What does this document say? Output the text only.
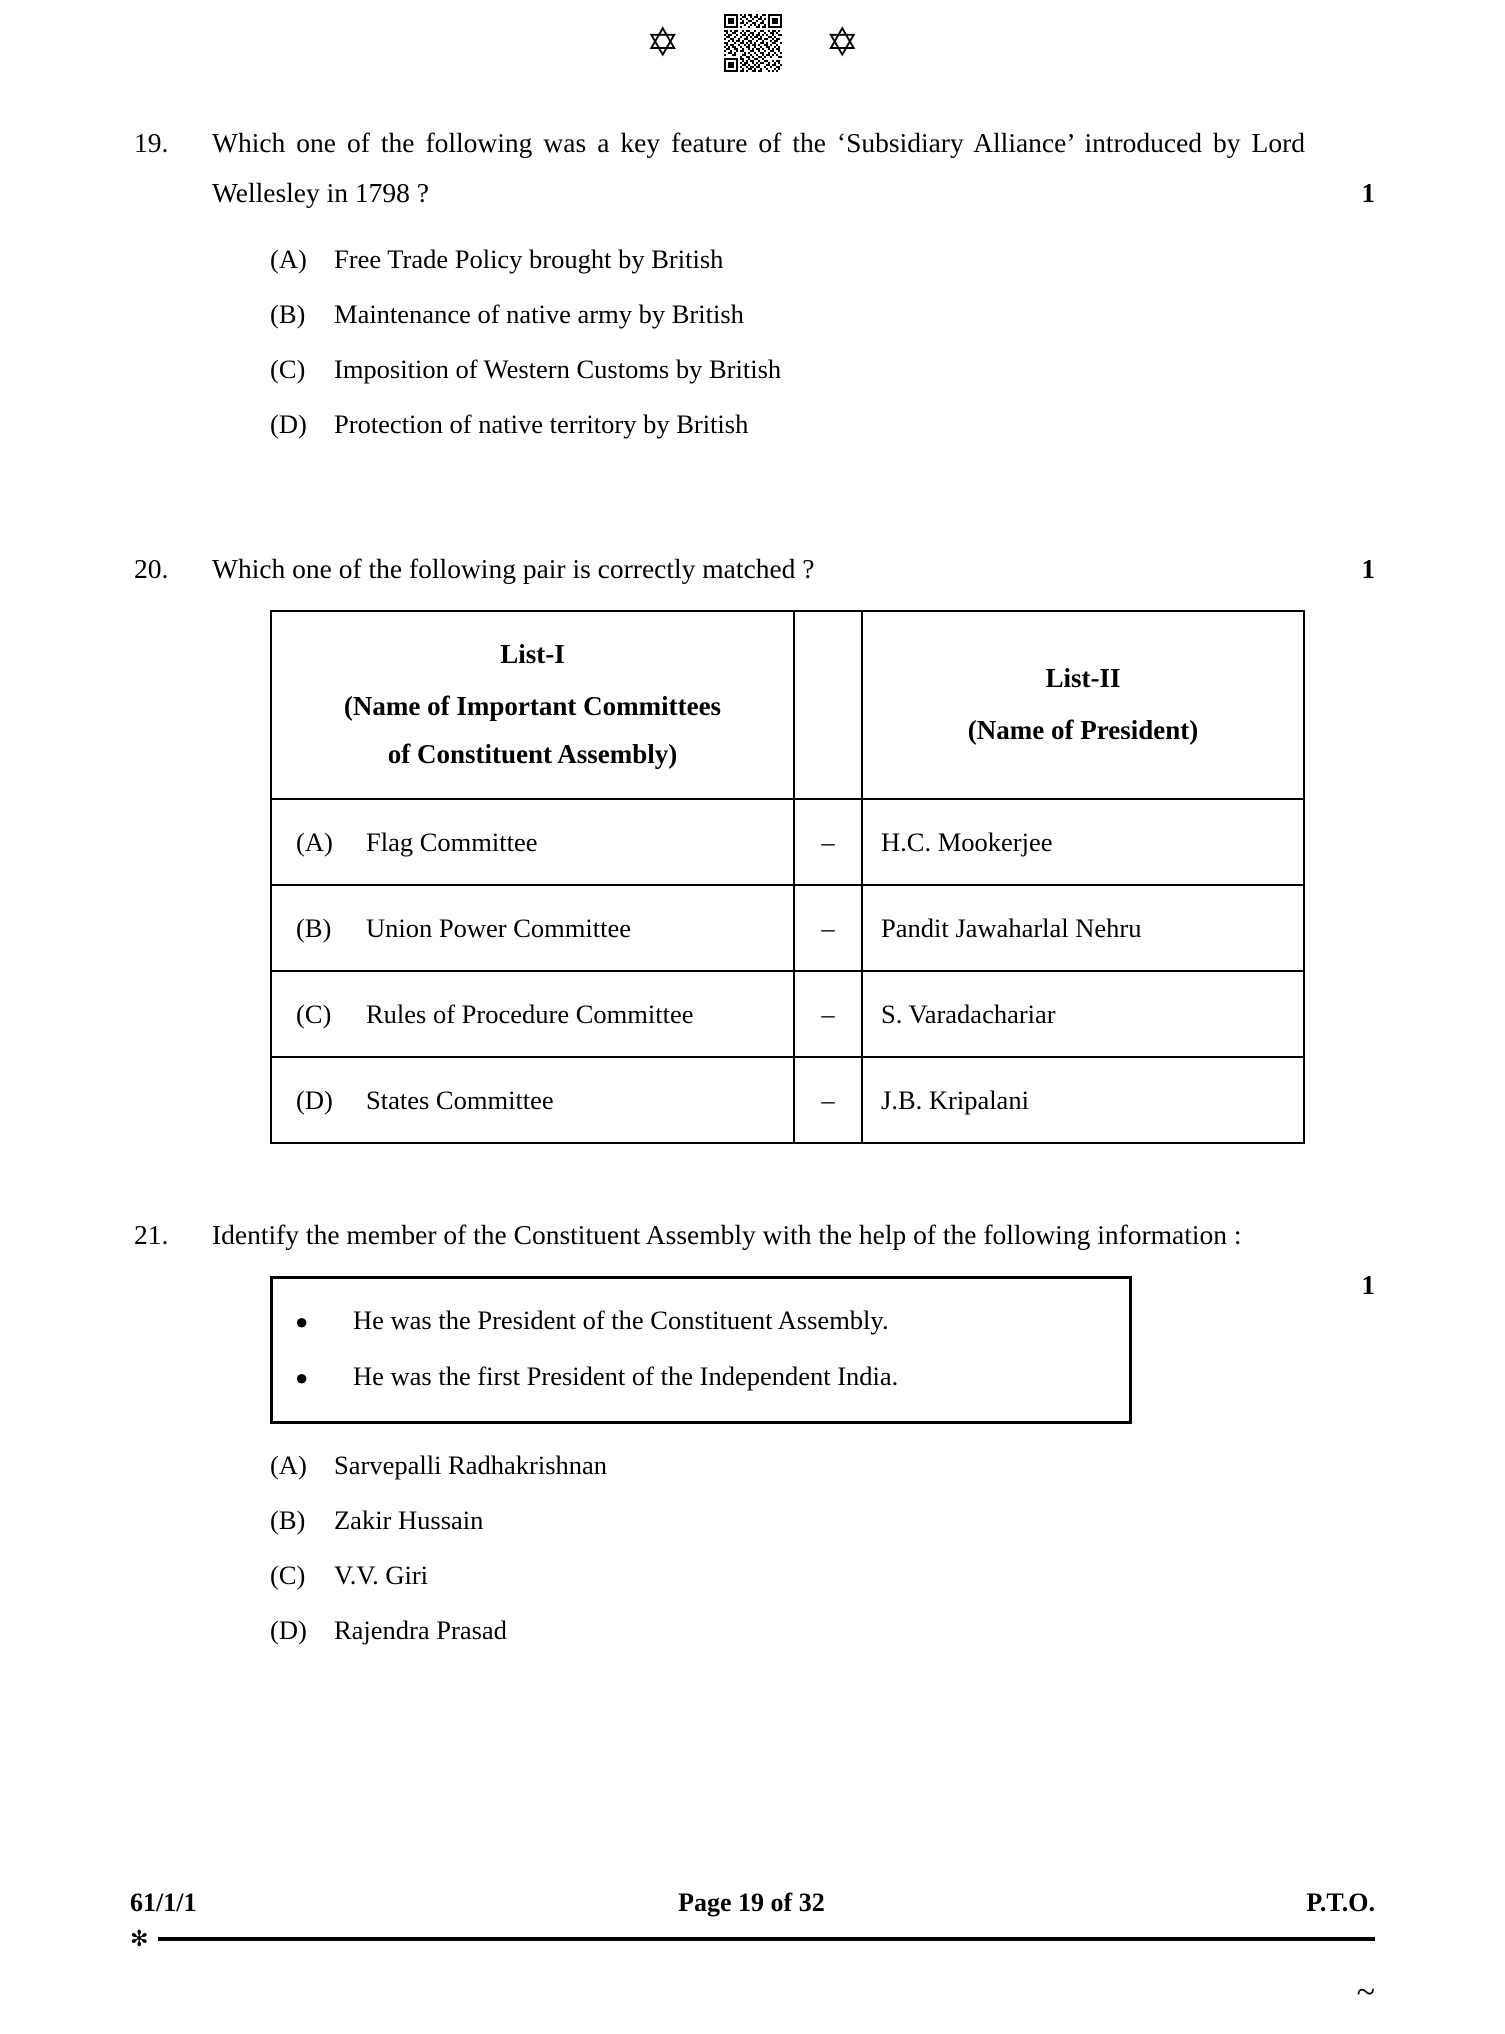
✡	✡
19.	Which one of the following was a key feature of the ‘Subsidiary Alliance’ introduced by Lord Wellesley in 1798 ?
(A)	Free Trade Policy brought by British
(B)	Maintenance of native army by British
(C)	Imposition of Western Customs by British
(D)	Protection of native territory by British
1
20.	Which one of the following pair is correctly matched ?
List-I
(Name of Important Committees
of Constituent Assembly)		List-II
(Name of President)

(A) Flag Committee	–	H.C. Mookerjee
(B) Union Power Committee	–	Pandit Jawaharlal Nehru
(C) Rules of Procedure Committee	–	S. Varadachariar
(D) States Committee	–	J.B. Kripalani
1
21.	Identify the member of the Constituent Assembly with the help of the following information :
●	He was the President of the Constituent Assembly.
●	He was the first President of the Independent India.
(A)	Sarvepalli Radhakrishnan
(B)	Zakir Hussain
(C)	V.V. Giri
(D)	Rajendra Prasad
1
61/1/1	Page 19 of 32	P.T.O.
✻
~
